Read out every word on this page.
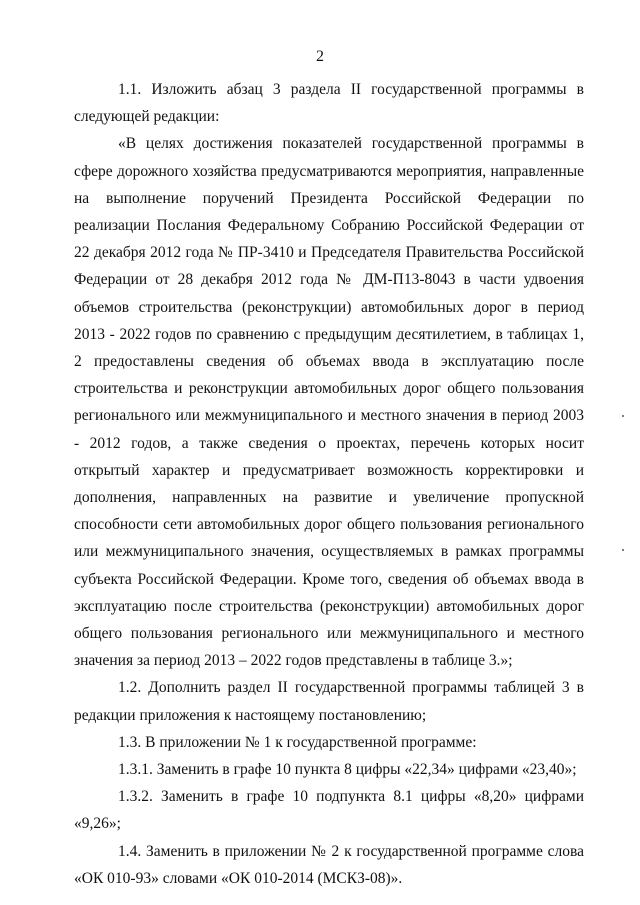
2

1.1. Изложить абзац 3 раздела II государственной программы в следующей редакции:

«В целях достижения показателей государственной программы в сфере дорожного хозяйства предусматриваются мероприятия, направленные на выполнение поручений Президента Российской Федерации по реализации Послания Федеральному Собранию Российской Федерации от 22 декабря 2012 года № ПР-3410 и Председателя Правительства Российской Федерации от 28 декабря 2012 года № ДМ-П13-8043 в части удвоения объемов строительства (реконструкции) автомобильных дорог в период 2013 - 2022 годов по сравнению с предыдущим десятилетием, в таблицах 1, 2 предоставлены сведения об объемах ввода в эксплуатацию после строительства и реконструкции автомобильных дорог общего пользования регионального или межмуниципального и местного значения в период 2003 - 2012 годов, а также сведения о проектах, перечень которых носит открытый характер и предусматривает возможность корректировки и дополнения, направленных на развитие и увеличение пропускной способности сети автомобильных дорог общего пользования регионального или межмуниципального значения, осуществляемых в рамках программы субъекта Российской Федерации. Кроме того, сведения об объемах ввода в эксплуатацию после строительства (реконструкции) автомобильных дорог общего пользования регионального или межмуниципального и местного значения за период 2013 – 2022 годов представлены в таблице 3.»;

1.2. Дополнить раздел II государственной программы таблицей 3 в редакции приложения к настоящему постановлению;

1.3. В приложении № 1 к государственной программе:

1.3.1. Заменить в графе 10 пункта 8 цифры «22,34» цифрами «23,40»;

1.3.2. Заменить в графе 10 подпункта 8.1 цифры «8,20» цифрами «9,26»;

1.4. Заменить в приложении № 2 к государственной программе слова «ОК 010-93» словами «ОК 010-2014 (МСКЗ-08)».
